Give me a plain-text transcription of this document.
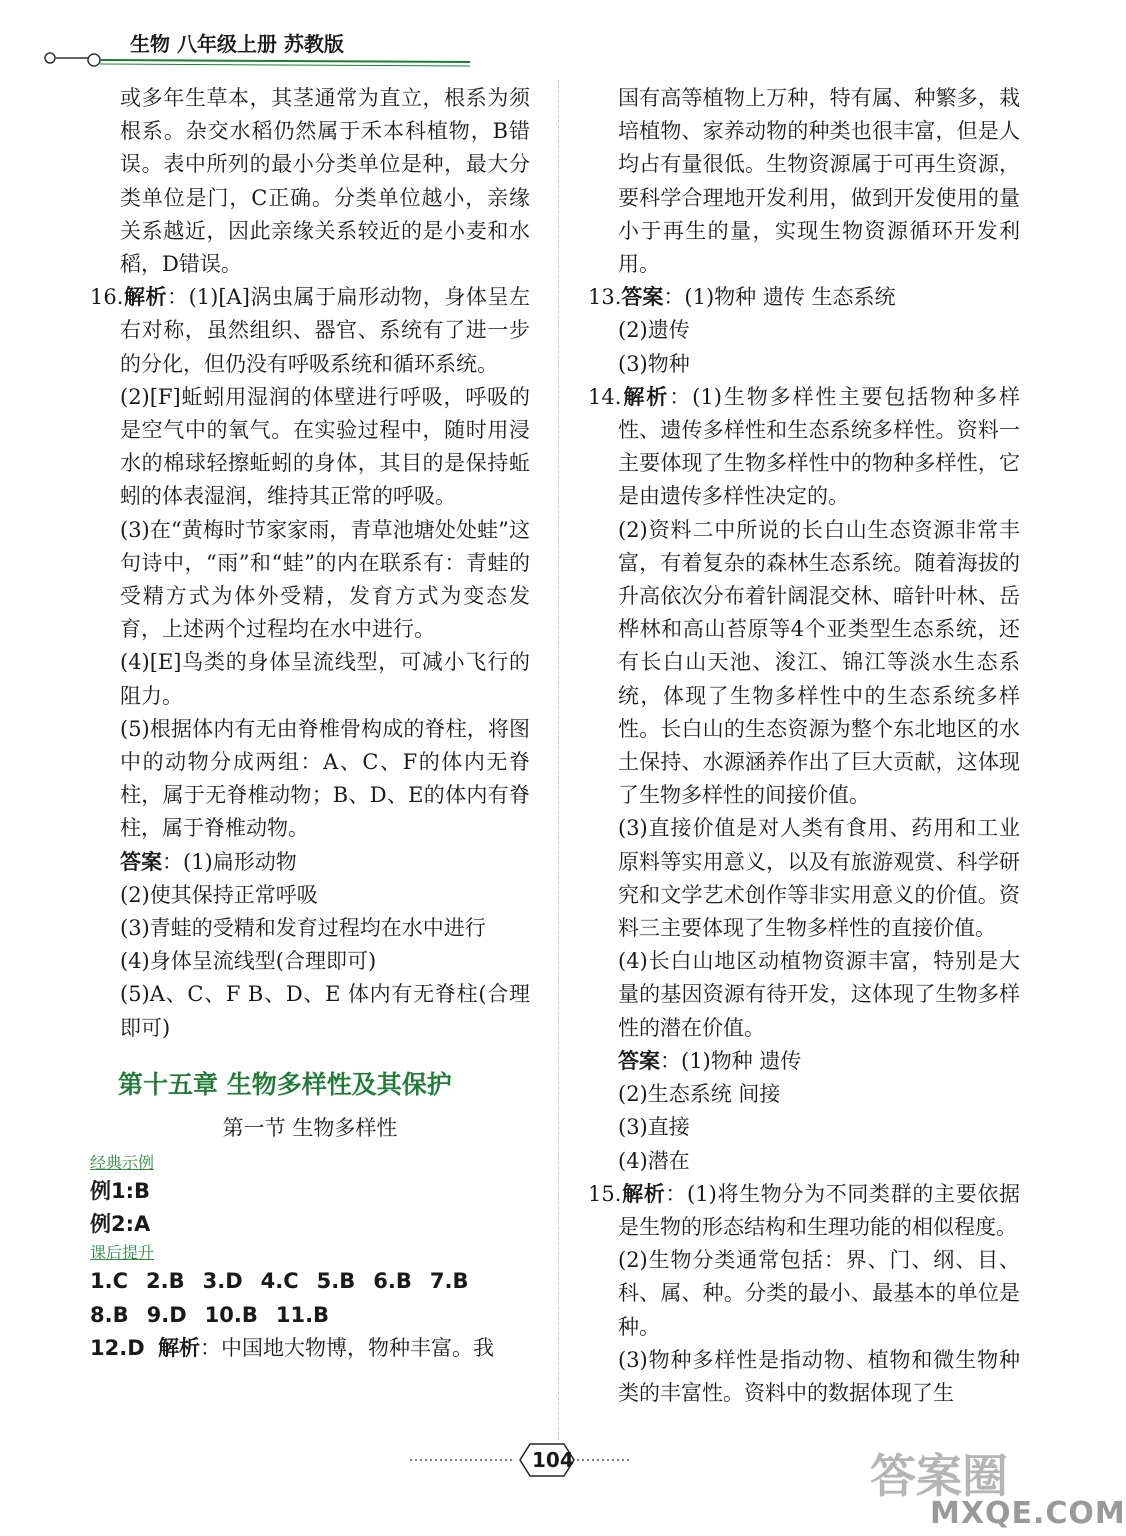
生物 八年级上册 苏教版

或多年生草本，其茎通常为直立，根系为须根系。杂交水稻仍然属于禾本科植物，B错误。表中所列的最小分类单位是种，最大分类单位是门，C正确。分类单位越小，亲缘关系越近，因此亲缘关系较近的是小麦和水稻，D错误。

16.解析：(1)[A]涡虫属于扁形动物，身体呈左右对称，虽然组织、器官、系统有了进一步的分化，但仍没有呼吸系统和循环系统。

(2)[F]蚯蚓用湿润的体壁进行呼吸，呼吸的是空气中的氧气。在实验过程中，随时用浸水的棉球轻擦蚯蚓的身体，其目的是保持蚯蚓的体表湿润，维持其正常的呼吸。

(3)在“黄梅时节家家雨，青草池塘处处蛙”这句诗中，“雨”和“蛙”的内在联系有：青蛙的受精方式为体外受精，发育方式为变态发育，上述两个过程均在水中进行。

(4)[E]鸟类的身体呈流线型，可减小飞行的阻力。

(5)根据体内有无由脊椎骨构成的脊柱，将图中的动物分成两组：A、C、F的体内无脊柱，属于无脊椎动物；B、D、E的体内有脊柱，属于脊椎动物。

答案：(1)扁形动物

(2)使其保持正常呼吸

(3)青蛙的受精和发育过程均在水中进行

(4)身体呈流线型(合理即可)

(5)A、C、F B、D、E 体内有无脊柱(合理即可)

第十五章 生物多样性及其保护
第一节 生物多样性
经典示例
例1:B
例2:A
课后提升
1.C 2.B 3.D 4.C 5.B 6.B 7.B
8.B 9.D 10.B 11.B

12.D 解析：中国地大物博，物种丰富。我

国有高等植物上万种，特有属、种繁多，栽培植物、家养动物的种类也很丰富，但是人均占有量很低。生物资源属于可再生资源，要科学合理地开发利用，做到开发使用的量小于再生的量，实现生物资源循环开发利用。

13.答案：(1)物种 遗传 生态系统

(2)遗传

(3)物种

14.解析：(1)生物多样性主要包括物种多样性、遗传多样性和生态系统多样性。资料一主要体现了生物多样性中的物种多样性，它是由遗传多样性决定的。

(2)资料二中所说的长白山生态资源非常丰富，有着复杂的森林生态系统。随着海拔的升高依次分布着针阔混交林、暗针叶林、岳桦林和高山苔原等4个亚类型生态系统，还有长白山天池、浚江、锦江等淡水生态系统，体现了生物多样性中的生态系统多样性。长白山的生态资源为整个东北地区的水土保持、水源涵养作出了巨大贡献，这体现了生物多样性的间接价值。

(3)直接价值是对人类有食用、药用和工业原料等实用意义，以及有旅游观赏、科学研究和文学艺术创作等非实用意义的价值。资料三主要体现了生物多样性的直接价值。

(4)长白山地区动植物资源丰富，特别是大量的基因资源有待开发，这体现了生物多样性的潜在价值。

答案：(1)物种 遗传

(2)生态系统 间接

(3)直接

(4)潜在

15.解析：(1)将生物分为不同类群的主要依据是生物的形态结构和生理功能的相似程度。

(2)生物分类通常包括：界、门、纲、目、科、属、种。分类的最小、最基本的单位是种。

(3)物种多样性是指动物、植物和微生物种类的丰富性。资料中的数据体现了生

104	答案圈
MXQE.COM
